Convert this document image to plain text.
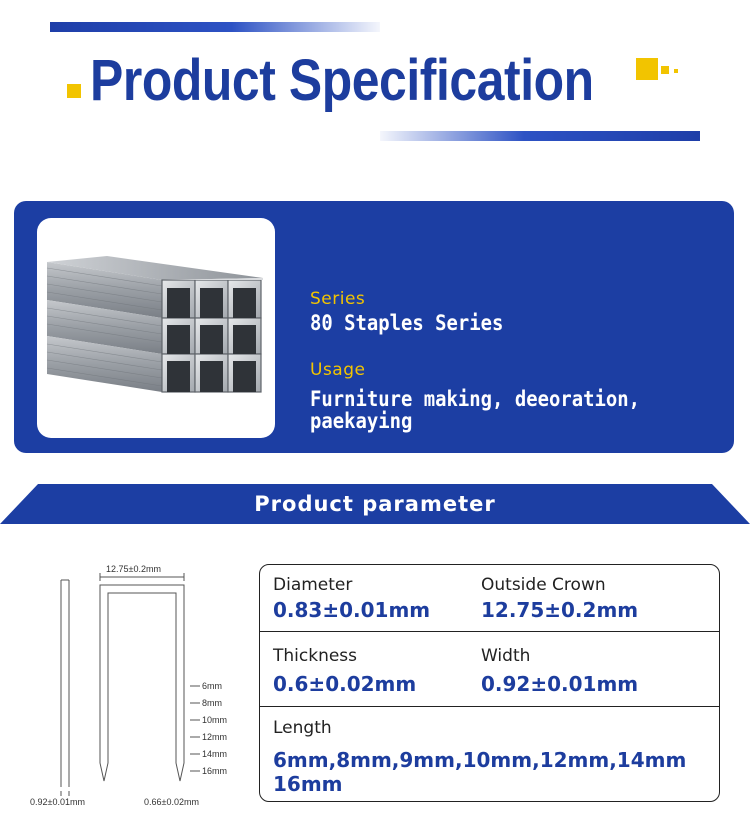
Product Specification
Series
80 Staples Series
Usage
Furniture making, deeoration,
paekaying
Product parameter
12.75±0.2mm
6mm
8mm
10mm
12mm
14mm
16mm
0.92±0.01mm	0.66±0.02mm
Diameter
0.83±0.01mm
Outside Crown
12.75±0.2mm
Thickness
0.6±0.02mm
Width
0.92±0.01mm
Length
6mm,8mm,9mm,10mm,12mm,14mm
16mm
